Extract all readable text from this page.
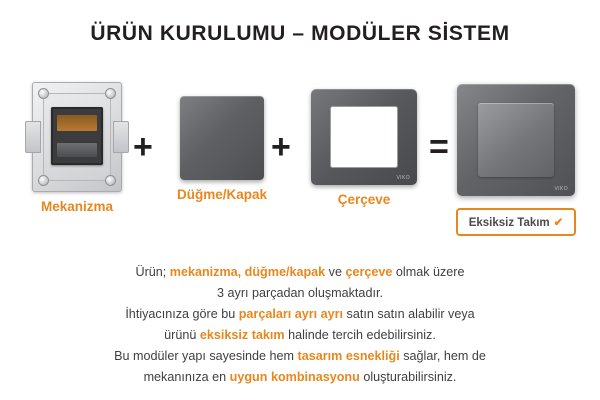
ÜRÜN KURULUMU – MODÜLER SİSTEM
Mekanizma
+
Düğme/Kapak
+
VIKO
Çerçeve
=
VIKO
Eksiksiz Takım ✔
Ürün; mekanizma, düğme/kapak ve çerçeve olmak üzere
3 ayrı parçadan oluşmaktadır.
İhtiyacınıza göre bu parçaları ayrı ayrı satın satın alabilir veya
ürünü eksiksiz takım halinde tercih edebilirsiniz.
Bu modüler yapı sayesinde hem tasarım esnekliği sağlar, hem de
mekanınıza en uygun kombinasyonu oluşturabilirsiniz.
